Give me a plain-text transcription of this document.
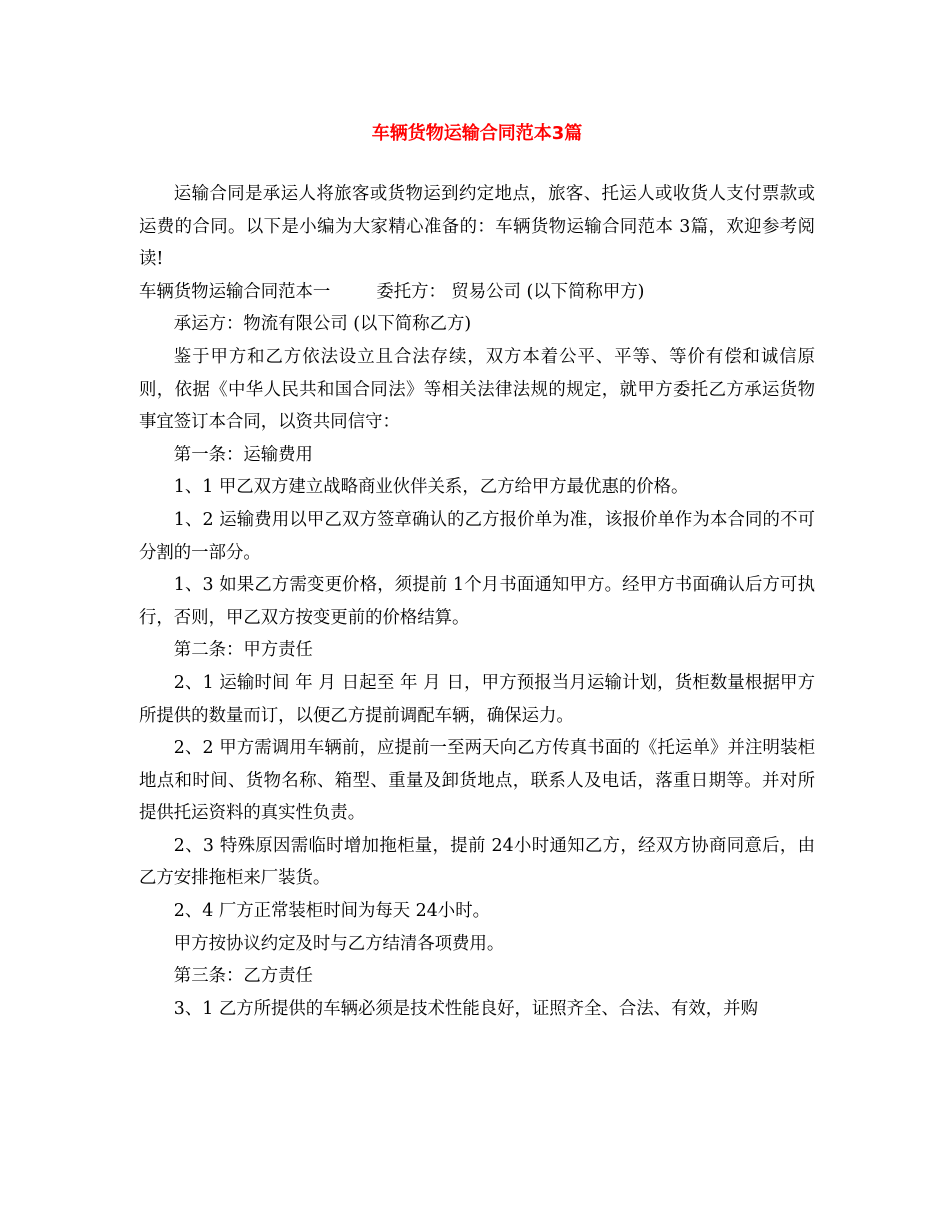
车辆货物运输合同范本3篇

运输合同是承运人将旅客或货物运到约定地点，旅客、托运人或收货人支付票款或运费的合同。以下是小编为大家精心准备的：车辆货物运输合同范本 3篇，欢迎参考阅读!

车辆货物运输合同范本一	委托方： 贸易公司 (以下简称甲方)

承运方：物流有限公司 (以下简称乙方)

鉴于甲方和乙方依法设立且合法存续，双方本着公平、平等、等价有偿和诚信原则，依据《中华人民共和国合同法》等相关法律法规的规定，就甲方委托乙方承运货物事宜签订本合同，以资共同信守：

第一条：运输费用

1、1 甲乙双方建立战略商业伙伴关系，乙方给甲方最优惠的价格。

1、2 运输费用以甲乙双方签章确认的乙方报价单为准，该报价单作为本合同的不可分割的一部分。

1、3 如果乙方需变更价格，须提前 1个月书面通知甲方。经甲方书面确认后方可执行，否则，甲乙双方按变更前的价格结算。

第二条：甲方责任

2、1 运输时间 年 月 日起至 年 月 日，甲方预报当月运输计划，货柜数量根据甲方所提供的数量而订，以便乙方提前调配车辆，确保运力。

2、2 甲方需调用车辆前，应提前一至两天向乙方传真书面的《托运单》并注明装柜地点和时间、货物名称、箱型、重量及卸货地点，联系人及电话，落重日期等。并对所提供托运资料的真实性负责。

2、3 特殊原因需临时增加拖柜量，提前 24小时通知乙方，经双方协商同意后，由乙方安排拖柜来厂装货。

2、4 厂方正常装柜时间为每天 24小时。

甲方按协议约定及时与乙方结清各项费用。

第三条：乙方责任

3、1 乙方所提供的车辆必须是技术性能良好，证照齐全、合法、有效，并购
